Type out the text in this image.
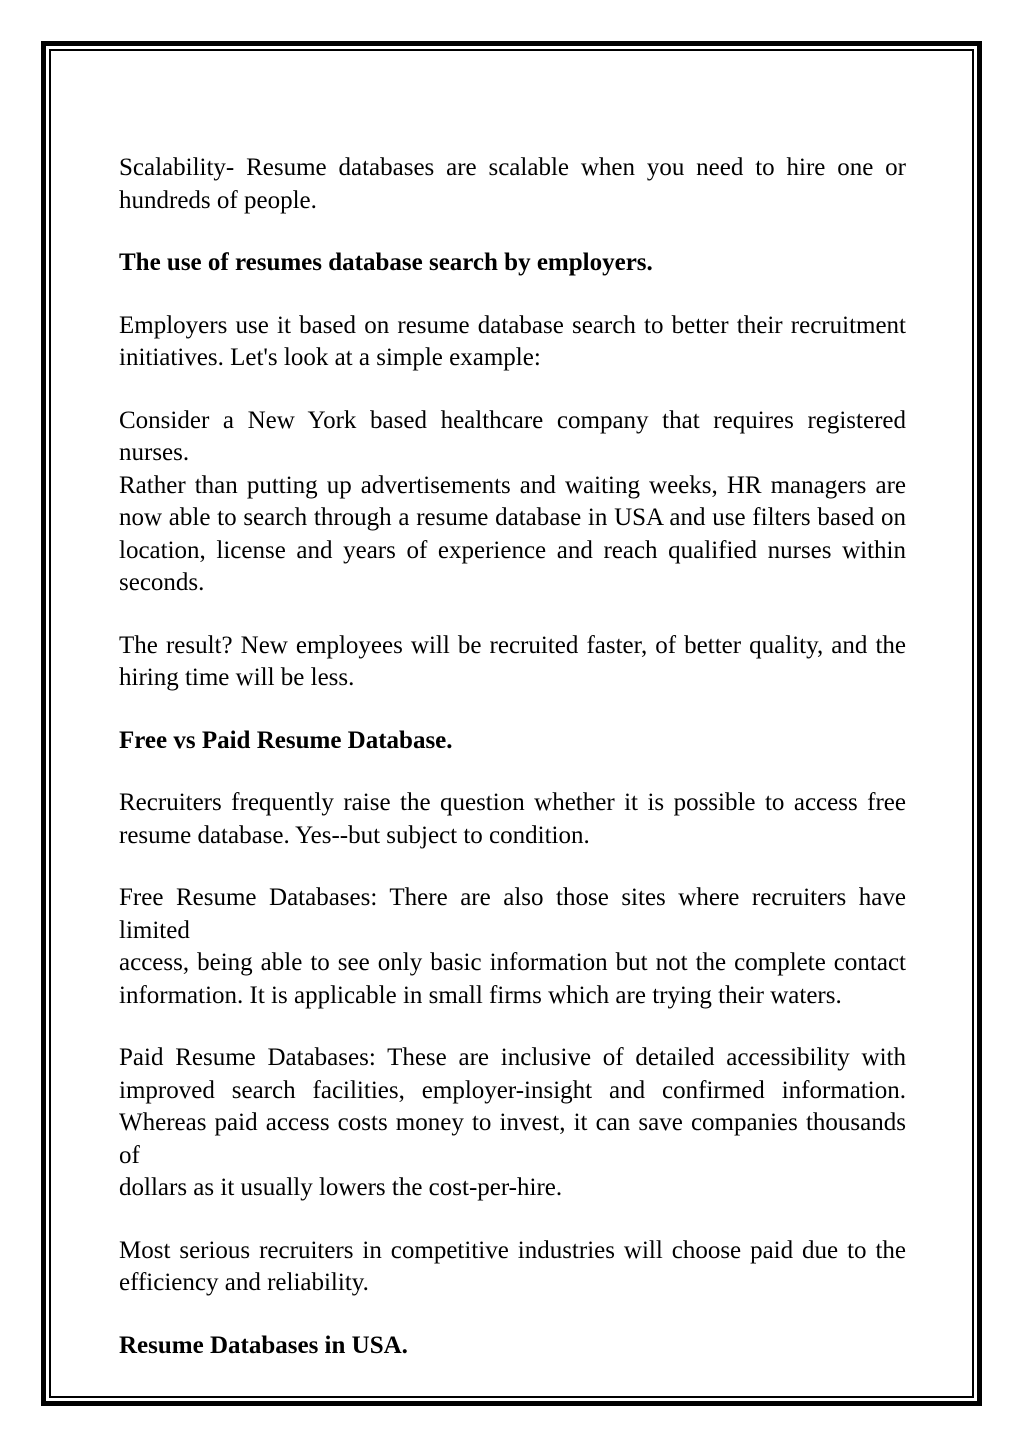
Scalability- Resume databases are scalable when you need to hire one or
hundreds of people.
The use of resumes database search by employers.
Employers use it based on resume database search to better their recruitment
initiatives. Let's look at a simple example:
Consider a New York based healthcare company that requires registered nurses.
Rather than putting up advertisements and waiting weeks, HR managers are
now able to search through a resume database in USA and use filters based on
location, license and years of experience and reach qualified nurses within
seconds.
The result? New employees will be recruited faster, of better quality, and the
hiring time will be less.
Free vs Paid Resume Database.
Recruiters frequently raise the question whether it is possible to access free
resume database. Yes--but subject to condition.
Free Resume Databases: There are also those sites where recruiters have limited
access, being able to see only basic information but not the complete contact
information. It is applicable in small firms which are trying their waters.
Paid Resume Databases: These are inclusive of detailed accessibility with
improved search facilities, employer-insight and confirmed information.
Whereas paid access costs money to invest, it can save companies thousands of
dollars as it usually lowers the cost-per-hire.
Most serious recruiters in competitive industries will choose paid due to the
efficiency and reliability.
Resume Databases in USA.
